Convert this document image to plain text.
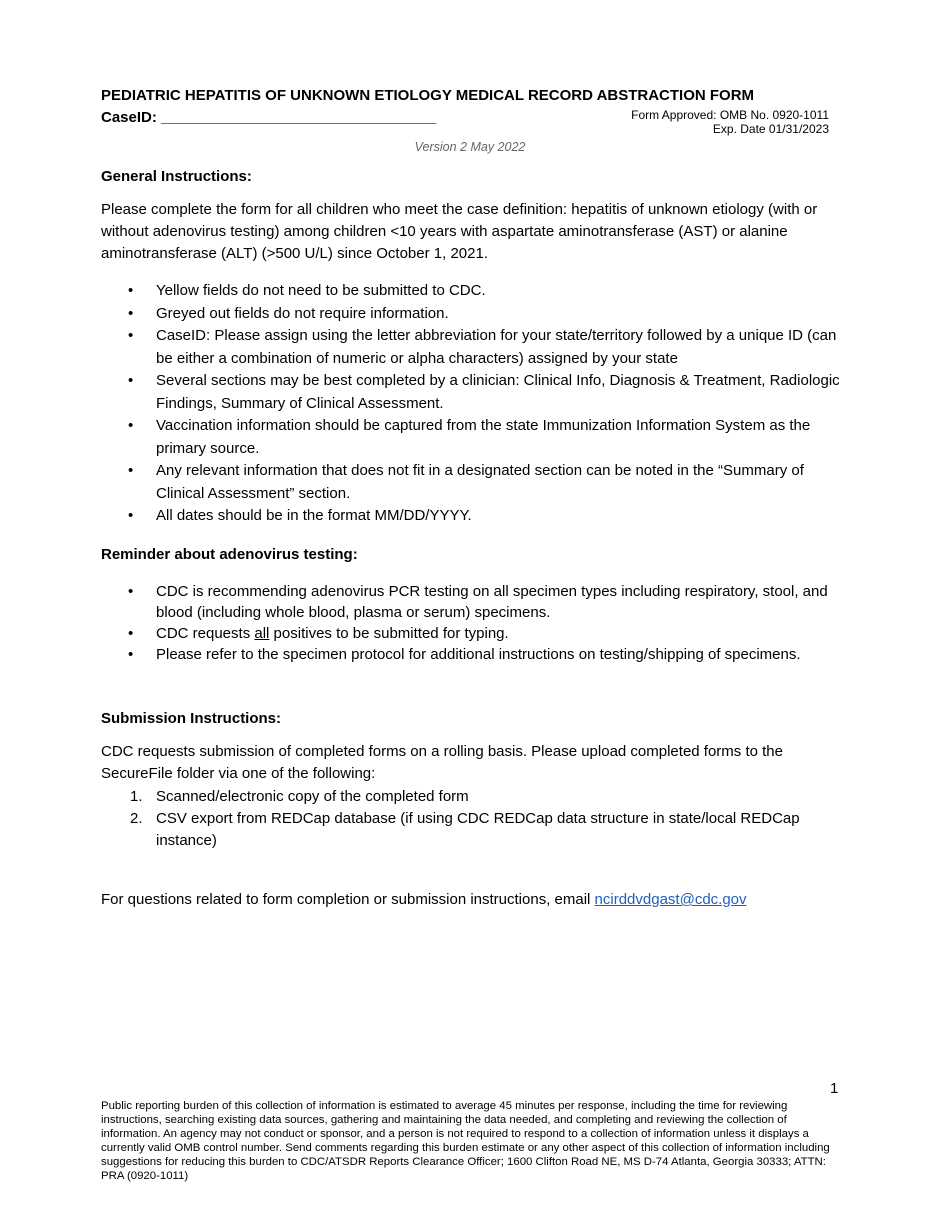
PEDIATRIC HEPATITIS OF UNKNOWN ETIOLOGY MEDICAL RECORD ABSTRACTION FORM
CaseID: _________________________________	Form Approved: OMB No. 0920-1011
Exp. Date 01/31/2023
Version 2 May 2022
General Instructions:
Please complete the form for all children who meet the case definition: hepatitis of unknown etiology (with or without adenovirus testing) among children <10 years with aspartate aminotransferase (AST) or alanine aminotransferase (ALT) (>500 U/L) since October 1, 2021.
• Yellow fields do not need to be submitted to CDC.
• Greyed out fields do not require information.
• CaseID: Please assign using the letter abbreviation for your state/territory followed by a unique ID (can be either a combination of numeric or alpha characters) assigned by your state
• Several sections may be best completed by a clinician: Clinical Info, Diagnosis & Treatment, Radiologic Findings, Summary of Clinical Assessment.
• Vaccination information should be captured from the state Immunization Information System as the primary source.
• Any relevant information that does not fit in a designated section can be noted in the “Summary of Clinical Assessment” section.
• All dates should be in the format MM/DD/YYYY.
Reminder about adenovirus testing:
• CDC is recommending adenovirus PCR testing on all specimen types including respiratory, stool, and blood (including whole blood, plasma or serum) specimens.
• CDC requests all positives to be submitted for typing.
• Please refer to the specimen protocol for additional instructions on testing/shipping of specimens.
Submission Instructions:
CDC requests submission of completed forms on a rolling basis. Please upload completed forms to the SecureFile folder via one of the following:
1. Scanned/electronic copy of the completed form
2. CSV export from REDCap database (if using CDC REDCap data structure in state/local REDCap instance)
For questions related to form completion or submission instructions, email ncirddvdgast@cdc.gov
1
Public reporting burden of this collection of information is estimated to average 45 minutes per response, including the time for reviewing instructions, searching existing data sources, gathering and maintaining the data needed, and completing and reviewing the collection of information. An agency may not conduct or sponsor, and a person is not required to respond to a collection of information unless it displays a currently valid OMB control number. Send comments regarding this burden estimate or any other aspect of this collection of information including suggestions for reducing this burden to CDC/ATSDR Reports Clearance Officer; 1600 Clifton Road NE, MS D-74 Atlanta, Georgia 30333; ATTN: PRA (0920-1011)
